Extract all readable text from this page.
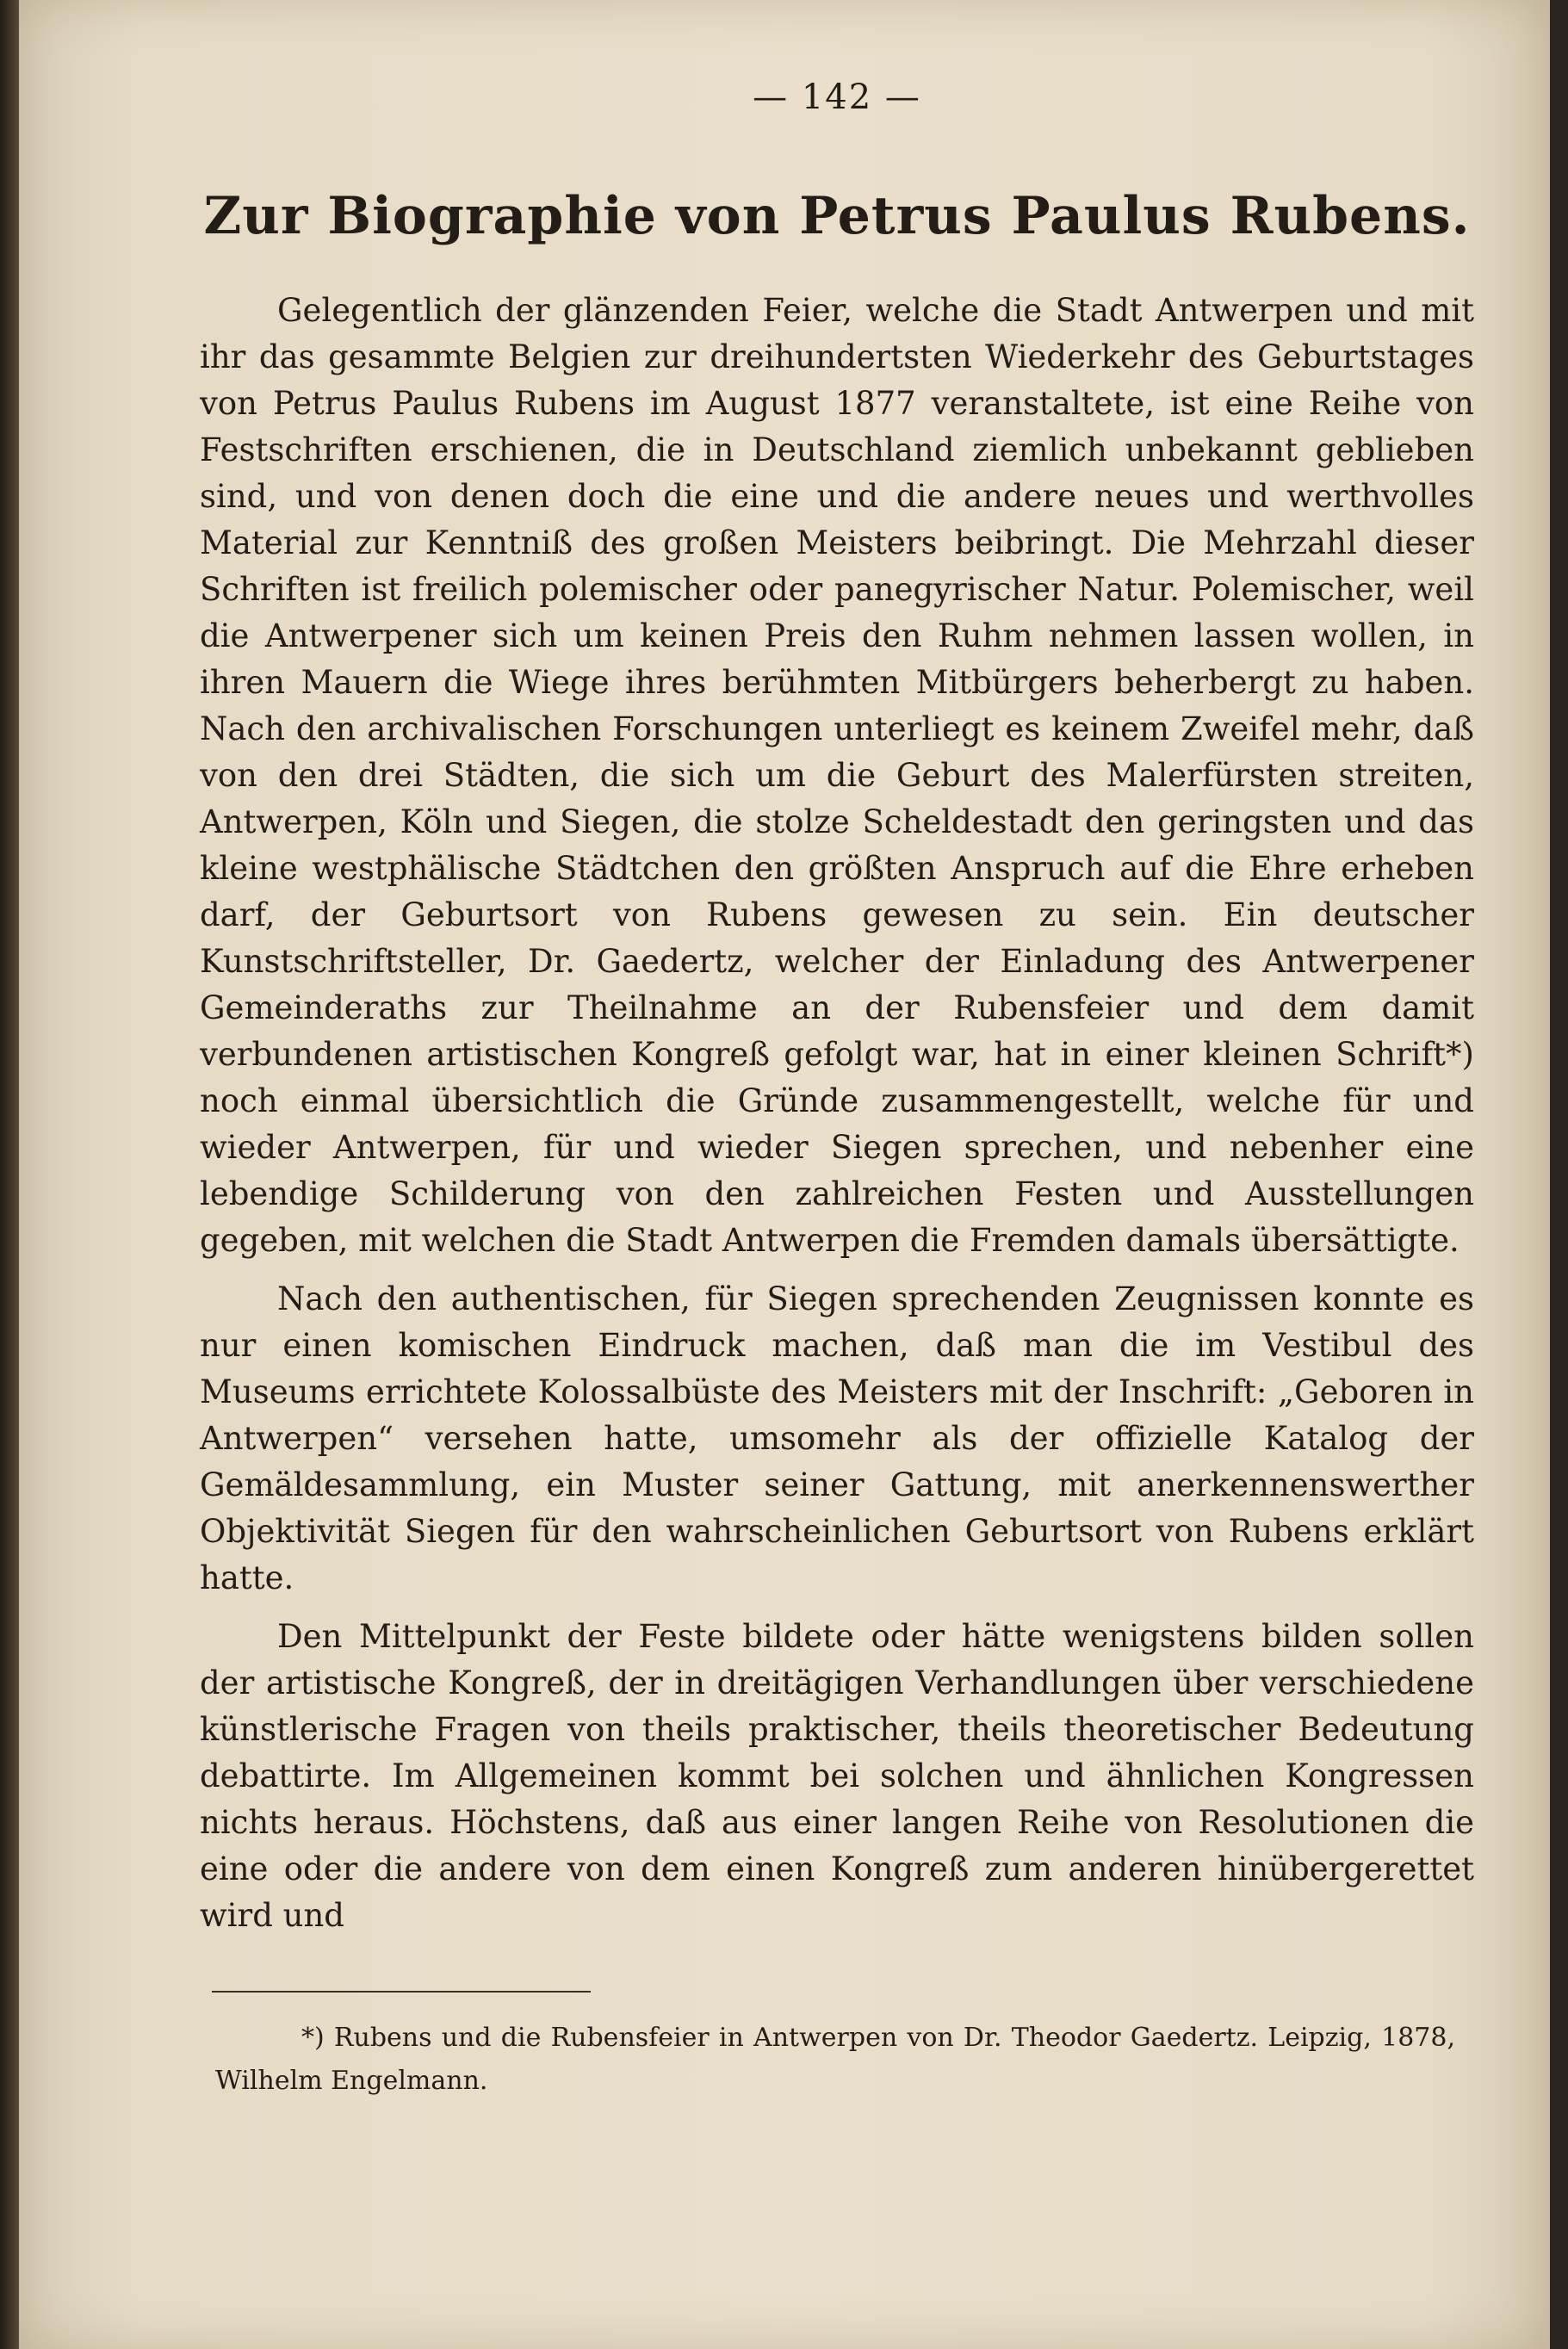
— 142 —
Zur Biographie von Petrus Paulus Rubens.

Gelegentlich der glänzenden Feier, welche die Stadt Antwerpen und mit ihr das gesammte Belgien zur dreihundertsten Wiederkehr des Geburtstages von Petrus Paulus Rubens im August 1877 veranstaltete, ist eine Reihe von Festschriften erschienen, die in Deutschland ziemlich unbekannt geblieben sind, und von denen doch die eine und die andere neues und werthvolles Material zur Kenntniß des großen Meisters beibringt. Die Mehrzahl dieser Schriften ist freilich polemischer oder panegyrischer Natur. Polemischer, weil die Antwerpener sich um keinen Preis den Ruhm nehmen lassen wollen, in ihren Mauern die Wiege ihres berühmten Mitbürgers beherbergt zu haben. Nach den archivalischen Forschungen unterliegt es keinem Zweifel mehr, daß von den drei Städten, die sich um die Geburt des Malerfürsten streiten, Antwerpen, Köln und Siegen, die stolze Scheldestadt den geringsten und das kleine westphälische Städtchen den größten Anspruch auf die Ehre erheben darf, der Geburtsort von Rubens gewesen zu sein. Ein deutscher Kunstschriftsteller, Dr. Gaedertz, welcher der Einladung des Antwerpener Gemeinderaths zur Theilnahme an der Rubensfeier und dem damit verbundenen artistischen Kongreß gefolgt war, hat in einer kleinen Schrift*) noch einmal übersichtlich die Gründe zusammengestellt, welche für und wieder Antwerpen, für und wieder Siegen sprechen, und nebenher eine lebendige Schilderung von den zahlreichen Festen und Ausstellungen gegeben, mit welchen die Stadt Antwerpen die Fremden damals übersättigte.

Nach den authentischen, für Siegen sprechenden Zeugnissen konnte es nur einen komischen Eindruck machen, daß man die im Vestibul des Museums errichtete Kolossalbüste des Meisters mit der Inschrift: „Geboren in Antwerpen“ versehen hatte, umsomehr als der offizielle Katalog der Gemäldesammlung, ein Muster seiner Gattung, mit anerkennenswerther Objektivität Siegen für den wahrscheinlichen Geburtsort von Rubens erklärt hatte.

Den Mittelpunkt der Feste bildete oder hätte wenigstens bilden sollen der artistische Kongreß, der in dreitägigen Verhandlungen über verschiedene künstlerische Fragen von theils praktischer, theils theoretischer Bedeutung debattirte. Im Allgemeinen kommt bei solchen und ähnlichen Kongressen nichts heraus. Höchstens, daß aus einer langen Reihe von Resolutionen die eine oder die andere von dem einen Kongreß zum anderen hinübergerettet wird und

*) Rubens und die Rubensfeier in Antwerpen von Dr. Theodor Gaedertz. Leipzig, 1878, Wilhelm Engelmann.
